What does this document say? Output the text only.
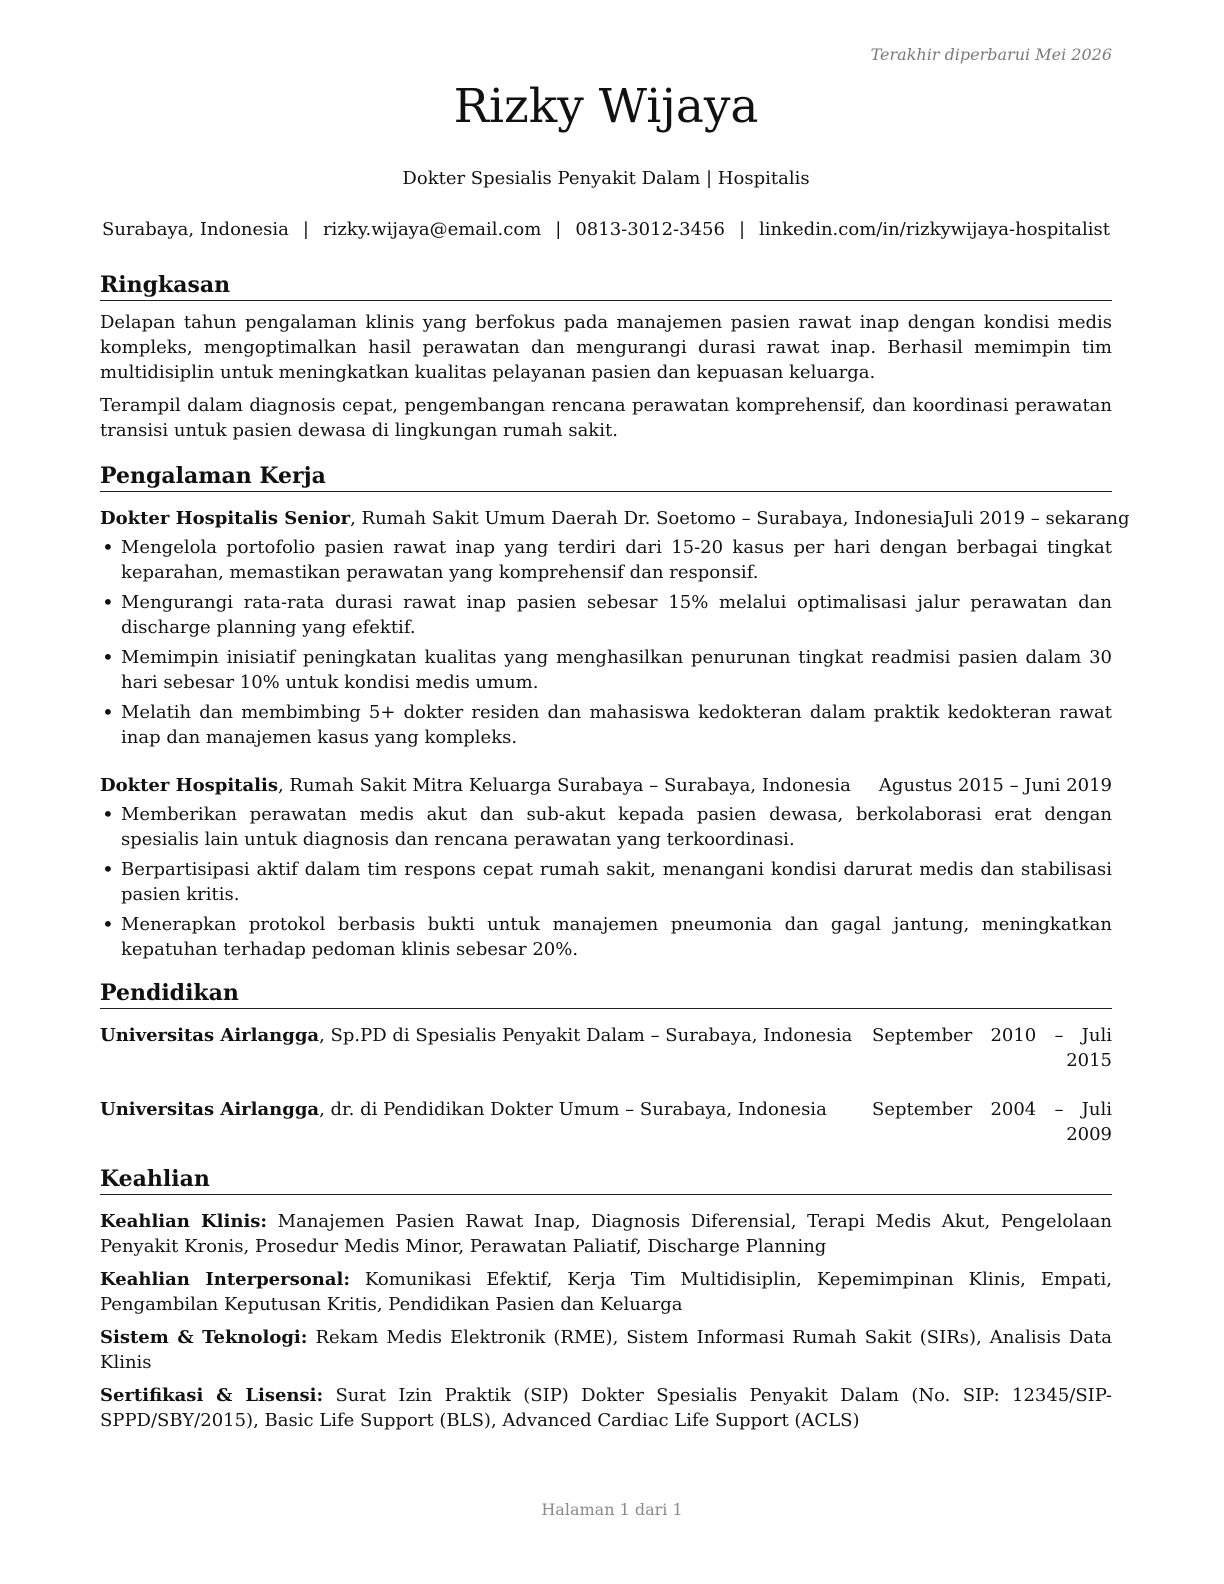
Terakhir diperbarui Mei 2026

Rizky Wijaya
Dokter Spesialis Penyakit Dalam | Hospitalis
Surabaya, Indonesia | rizky.wijaya@email.com | 0813-3012-3456 | linkedin.com/in/rizkywijaya-hospitalist
Ringkasan

Delapan tahun pengalaman klinis yang berfokus pada manajemen pasien rawat inap dengan kondisi medis kompleks, mengoptimalkan hasil perawatan dan mengurangi durasi rawat inap. Berhasil memimpin tim multidisiplin untuk meningkatkan kualitas pelayanan pasien dan kepuasan keluarga.

Terampil dalam diagnosis cepat, pengembangan rencana perawatan komprehensif, dan koordinasi perawatan transisi untuk pasien dewasa di lingkungan rumah sakit.

Pengalaman Kerja
Dokter Hospitalis Senior, Rumah Sakit Umum Daerah Dr. Soetomo – Surabaya, Indonesia Juli 2019 – sekarang
• Mengelola portofolio pasien rawat inap yang terdiri dari 15-20 kasus per hari dengan berbagai tingkat keparahan, memastikan perawatan yang komprehensif dan responsif.
• Mengurangi rata-rata durasi rawat inap pasien sebesar 15% melalui optimalisasi jalur perawatan dan discharge planning yang efektif.
• Memimpin inisiatif peningkatan kualitas yang menghasilkan penurunan tingkat readmisi pasien dalam 30 hari sebesar 10% untuk kondisi medis umum.
• Melatih dan membimbing 5+ dokter residen dan mahasiswa kedokteran dalam praktik kedokteran rawat inap dan manajemen kasus yang kompleks.
Dokter Hospitalis, Rumah Sakit Mitra Keluarga Surabaya – Surabaya, Indonesia Agustus 2015 – Juni 2019
• Memberikan perawatan medis akut dan sub-akut kepada pasien dewasa, berkolaborasi erat dengan spesialis lain untuk diagnosis dan rencana perawatan yang terkoordinasi.
• Berpartisipasi aktif dalam tim respons cepat rumah sakit, menangani kondisi darurat medis dan stabilisasi pasien kritis.
• Menerapkan protokol berbasis bukti untuk manajemen pneumonia dan gagal jantung, meningkatkan kepatuhan terhadap pedoman klinis sebesar 20%.
Pendidikan
Universitas Airlangga, Sp.PD di Spesialis Penyakit Dalam – Surabaya, Indonesia September 2010 – Juli 2015
Universitas Airlangga, dr. di Pendidikan Dokter Umum – Surabaya, Indonesia	September 2004 – Juli 2009
Keahlian

Keahlian Klinis: Manajemen Pasien Rawat Inap, Diagnosis Diferensial, Terapi Medis Akut, Pengelolaan Penyakit Kronis, Prosedur Medis Minor, Perawatan Paliatif, Discharge Planning

Keahlian Interpersonal: Komunikasi Efektif, Kerja Tim Multidisiplin, Kepemimpinan Klinis, Empati, Pengambilan Keputusan Kritis, Pendidikan Pasien dan Keluarga

Sistem & Teknologi: Rekam Medis Elektronik (RME), Sistem Informasi Rumah Sakit (SIRs), Analisis Data Klinis

Sertifikasi & Lisensi: Surat Izin Praktik (SIP) Dokter Spesialis Penyakit Dalam (No. SIP: 12345/SIP-SPPD/SBY/2015), Basic Life Support (BLS), Advanced Cardiac Life Support (ACLS)

Halaman 1 dari 1
